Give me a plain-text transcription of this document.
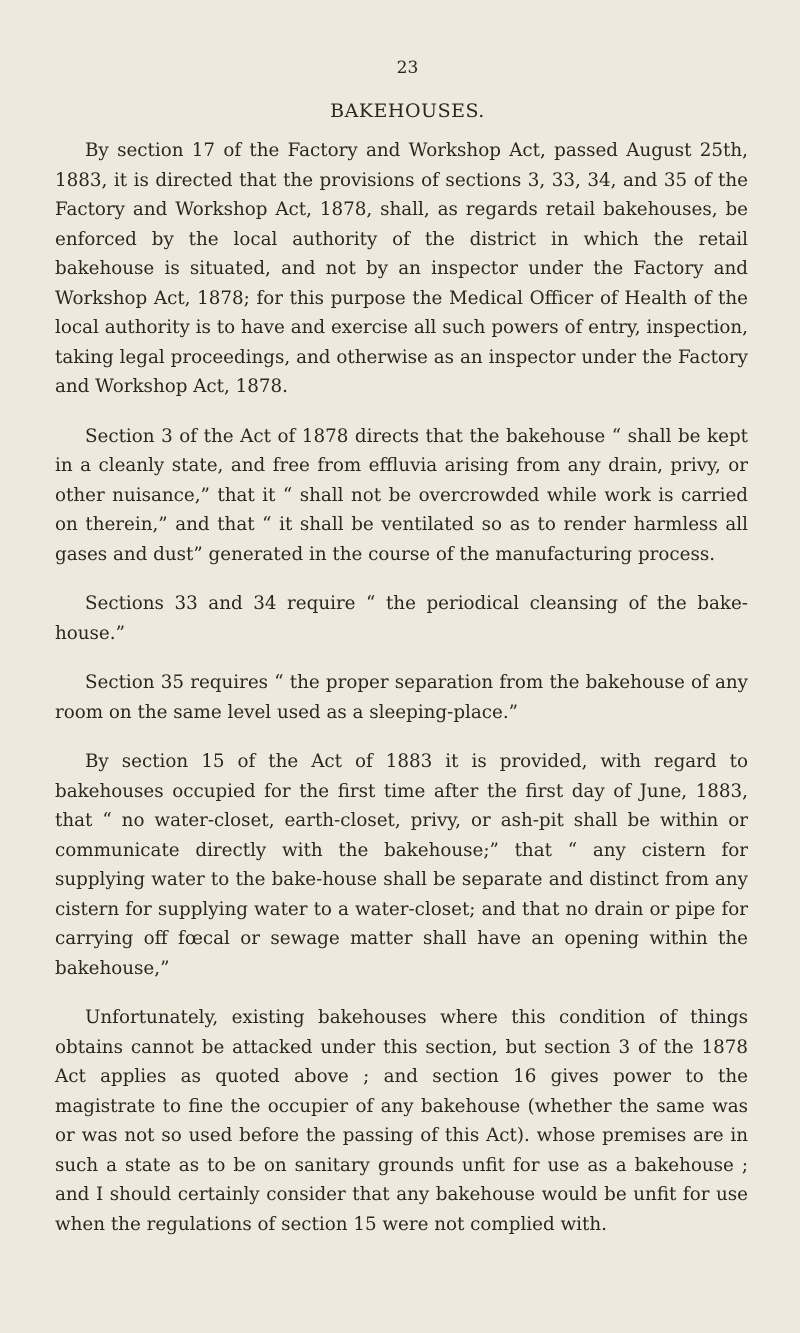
23
BAKEHOUSES.

By section 17 of the Factory and Workshop Act, passed August 25th, 1883, it is directed that the provisions of sections 3, 33, 34, and 35 of the Factory and Workshop Act, 1878, shall, as regards retail bakehouses, be enforced by the local authority of the district in which the retail bakehouse is situated, and not by an inspector under the Factory and Workshop Act, 1878; for this purpose the Medical Officer of Health of the local authority is to have and exercise all such powers of entry, inspection, taking legal proceedings, and otherwise as an inspector under the Factory and Workshop Act, 1878.

Section 3 of the Act of 1878 directs that the bakehouse “ shall be kept in a cleanly state, and free from effluvia arising from any drain, privy, or other nuisance,” that it “ shall not be overcrowded while work is carried on therein,” and that “ it shall be ventilated so as to render harmless all gases and dust” generated in the course of the manufacturing process.

Sections 33 and 34 require “ the periodical cleansing of the bake-house.”

Section 35 requires “ the proper separation from the bakehouse of any room on the same level used as a sleeping-place.”

By section 15 of the Act of 1883 it is provided, with regard to bakehouses occupied for the first time after the first day of June, 1883, that “ no water-closet, earth-closet, privy, or ash-pit shall be within or communicate directly with the bakehouse;” that “ any cistern for supplying water to the bake-house shall be separate and distinct from any cistern for supplying water to a water-closet; and that no drain or pipe for carrying off fœcal or sewage matter shall have an opening within the bakehouse,”

Unfortunately, existing bakehouses where this condition of things obtains cannot be attacked under this section, but section 3 of the 1878 Act applies as quoted above ; and section 16 gives power to the magistrate to fine the occupier of any bakehouse (whether the same was or was not so used before the passing of this Act). whose premises are in such a state as to be on sanitary grounds unfit for use as a bakehouse ; and I should certainly consider that any bakehouse would be unfit for use when the regulations of section 15 were not complied with.
